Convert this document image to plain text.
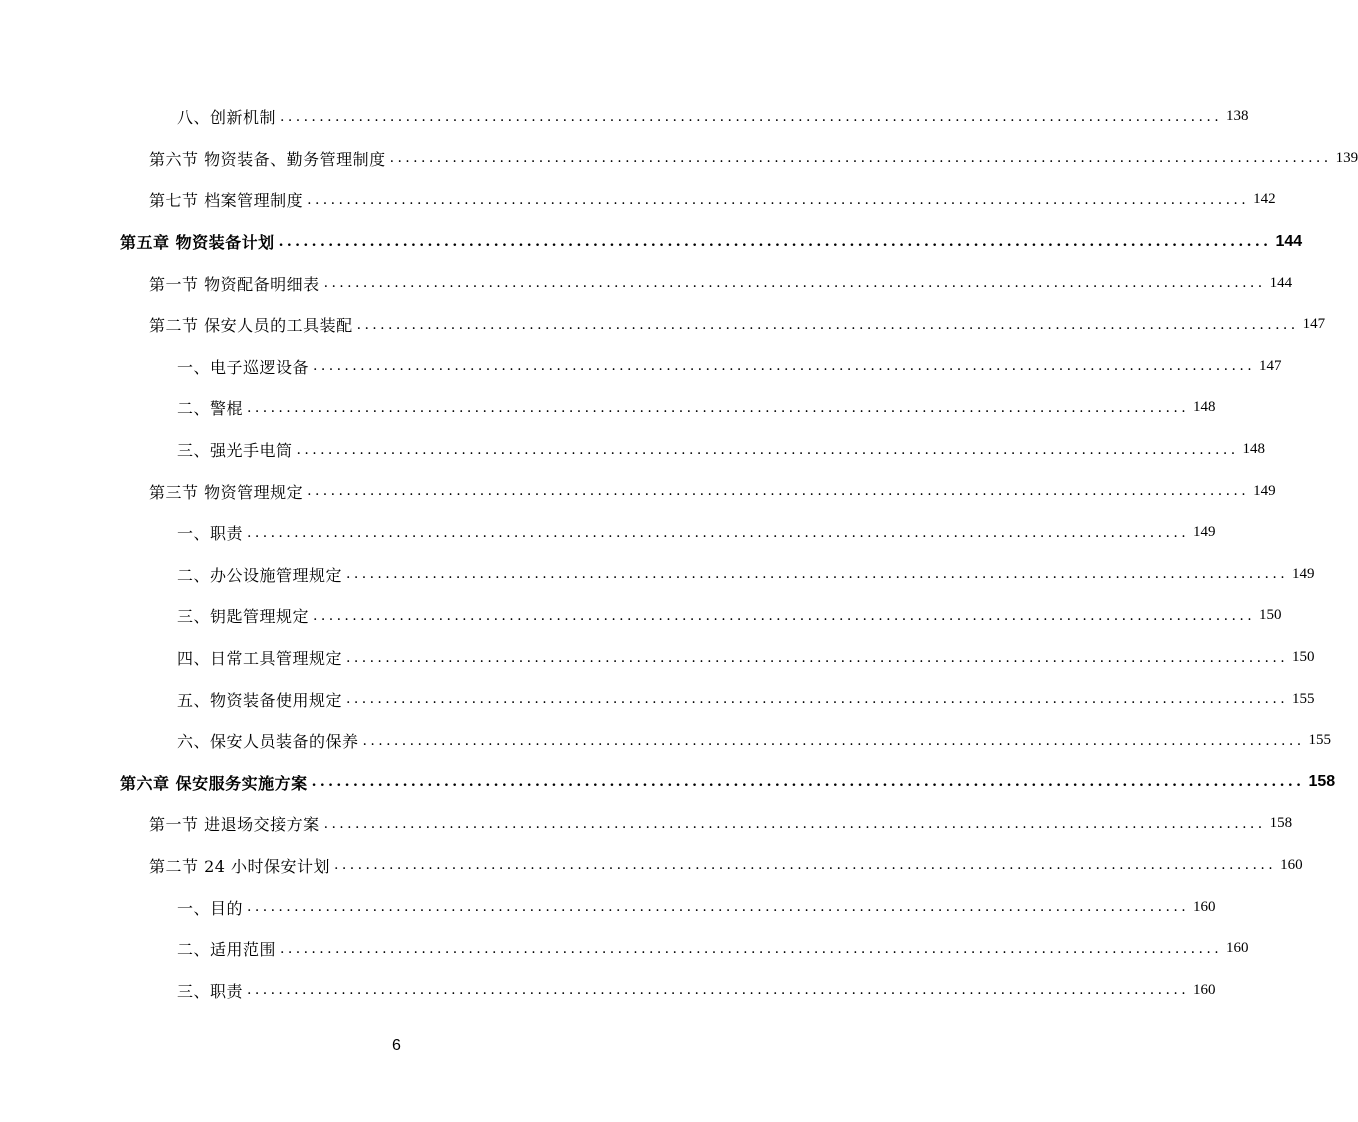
八、创新机制 ........................................................................................................................ 138
第六节 物资装备、勤务管理制度 ........................................................................................................................ 139
第七节 档案管理制度 ........................................................................................................................ 142
第五章 物资装备计划 ........................................................................................................................ 144
第一节 物资配备明细表 ........................................................................................................................ 144
第二节 保安人员的工具装配 ........................................................................................................................ 147
一、电子巡逻设备 ........................................................................................................................ 147
二、警棍 ........................................................................................................................ 148
三、强光手电筒 ........................................................................................................................ 148
第三节 物资管理规定 ........................................................................................................................ 149
一、职责 ........................................................................................................................ 149
二、办公设施管理规定 ........................................................................................................................ 149
三、钥匙管理规定 ........................................................................................................................ 150
四、日常工具管理规定 ........................................................................................................................ 150
五、物资装备使用规定 ........................................................................................................................ 155
六、保安人员装备的保养 ........................................................................................................................ 155
第六章 保安服务实施方案 ........................................................................................................................ 158
第一节 进退场交接方案 ........................................................................................................................ 158
第二节 24 小时保安计划 ........................................................................................................................ 160
一、目的 ........................................................................................................................ 160
二、适用范围 ........................................................................................................................ 160
三、职责 ........................................................................................................................ 160
6
